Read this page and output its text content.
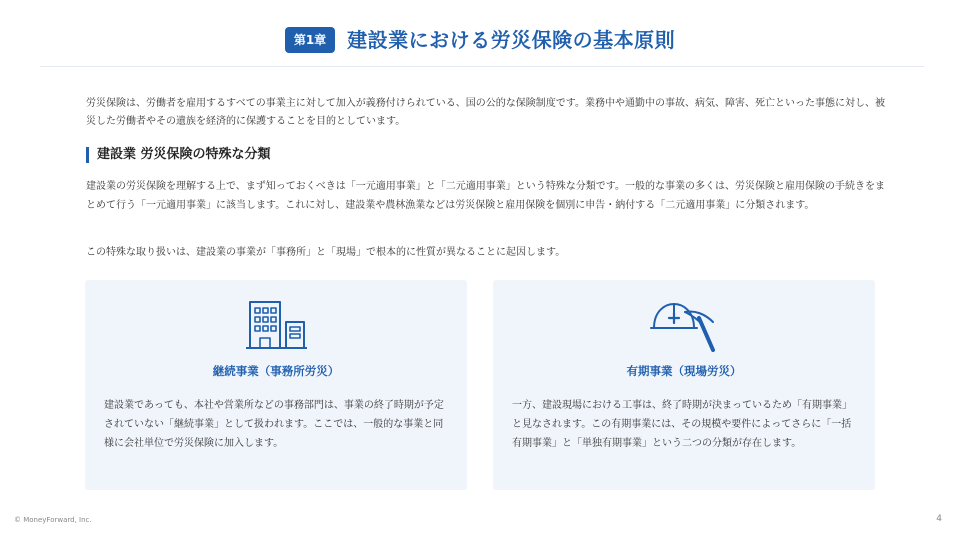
第1章	建設業における労災保険の基本原則

労災保険は、労働者を雇用するすべての事業主に対して加入が義務付けられている、国の公的な保険制度です。業務中や通勤中の事故、病気、障害、死亡といった事態に対し、被災した労働者やその遺族を経済的に保護することを目的としています。

建設業 労災保険の特殊な分類

建設業の労災保険を理解する上で、まず知っておくべきは「一元適用事業」と「二元適用事業」という特殊な分類です。一般的な事業の多くは、労災保険と雇用保険の手続きをまとめて行う「一元適用事業」に該当します。これに対し、建設業や農林漁業などは労災保険と雇用保険を個別に申告・納付する「二元適用事業」に分類されます。

この特殊な取り扱いは、建設業の事業が「事務所」と「現場」で根本的に性質が異なることに起因します。

継続事業（事務所労災）

建設業であっても、本社や営業所などの事務部門は、事業の終了時期が予定されていない「継続事業」として扱われます。ここでは、一般的な事業と同様に会社単位で労災保険に加入します。

有期事業（現場労災）

一方、建設現場における工事は、終了時期が決まっているため「有期事業」と見なされます。この有期事業には、その規模や要件によってさらに「一括有期事業」と「単独有期事業」という二つの分類が存在します。

© MoneyForward, Inc.	4
